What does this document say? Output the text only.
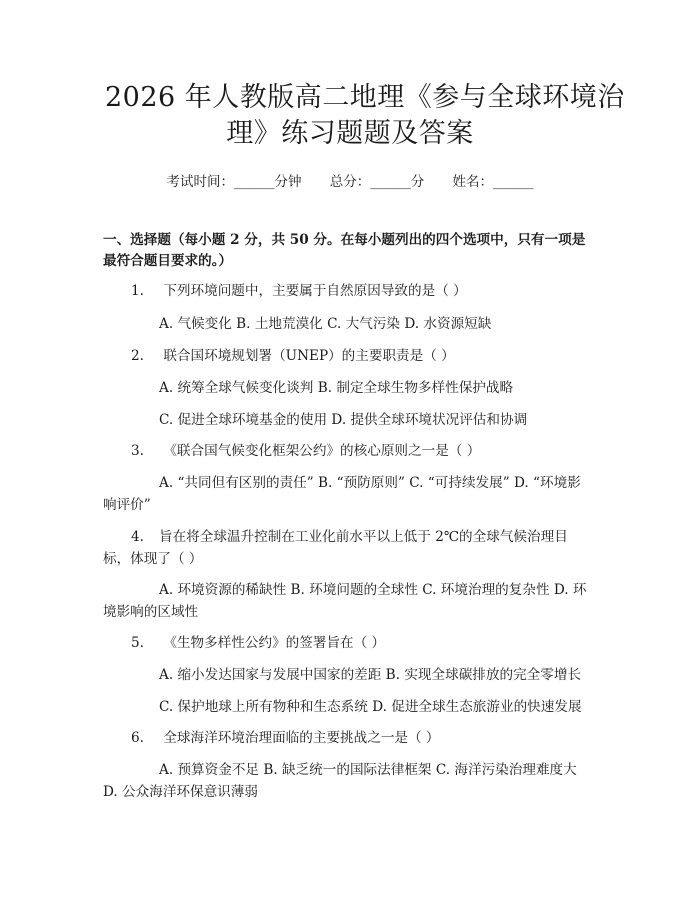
2026 年人教版高二地理《参与全球环境治
理》练习题题及答案
考试时间：______分钟 总分：______分 姓名：______
一、选择题（每小题 2 分，共 50 分。在每小题列出的四个选项中，只有一项是最符合题目要求的。）
1. 下列环境问题中，主要属于自然原因导致的是（ ）
A. 气候变化 B. 土地荒漠化 C. 大气污染 D. 水资源短缺
2. 联合国环境规划署（UNEP）的主要职责是（ ）
A. 统筹全球气候变化谈判 B. 制定全球生物多样性保护战略
C. 促进全球环境基金的使用 D. 提供全球环境状况评估和协调
3. 《联合国气候变化框架公约》的核心原则之一是（ ）
A. “共同但有区别的责任” B. “预防原则” C. “可持续发展” D. “环境影响评价”
4. 旨在将全球温升控制在工业化前水平以上低于 2℃的全球气候治理目标，体现了（ ）
A. 环境资源的稀缺性 B. 环境问题的全球性 C. 环境治理的复杂性 D. 环境影响的区域性
5. 《生物多样性公约》的签署旨在（ ）
A. 缩小发达国家与发展中国家的差距 B. 实现全球碳排放的完全零增长
C. 保护地球上所有物种和生态系统 D. 促进全球生态旅游业的快速发展
6. 全球海洋环境治理面临的主要挑战之一是（ ）
A. 预算资金不足 B. 缺乏统一的国际法律框架 C. 海洋污染治理难度大 D. 公众海洋环保意识薄弱
